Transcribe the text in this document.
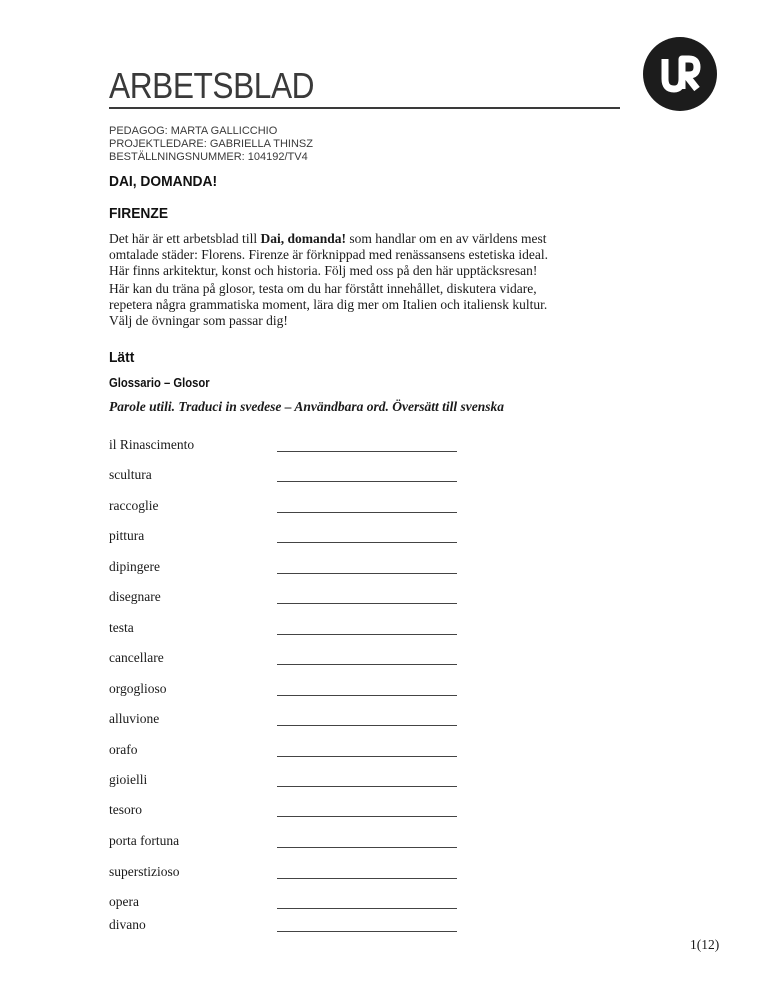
ARBETSBLAD
PEDAGOG: MARTA GALLICCHIO
PROJEKTLEDARE: GABRIELLA THINSZ
BESTÄLLNINGSNUMMER: 104192/TV4
DAI, DOMANDA!
FIRENZE

Det här är ett arbetsblad till Dai, domanda! som handlar om en av världens mest
omtalade städer: Florens. Firenze är förknippad med renässansens estetiska ideal.
Här finns arkitektur, konst och historia. Följ med oss på den här upptäcksresan!

Här kan du träna på glosor, testa om du har förstått innehållet, diskutera vidare,
repetera några grammatiska moment, lära dig mer om Italien och italiensk kultur.
Välj de övningar som passar dig!

Lätt
Glossario – Glosor

Parole utili. Traduci in svedese – Användbara ord. Översätt till svenska

il Rinascimento
scultura
raccoglie
pittura
dipingere
disegnare
testa
cancellare
orgoglioso
alluvione
orafo
gioielli
tesoro
porta fortuna
superstizioso
opera
divano
1(12)
